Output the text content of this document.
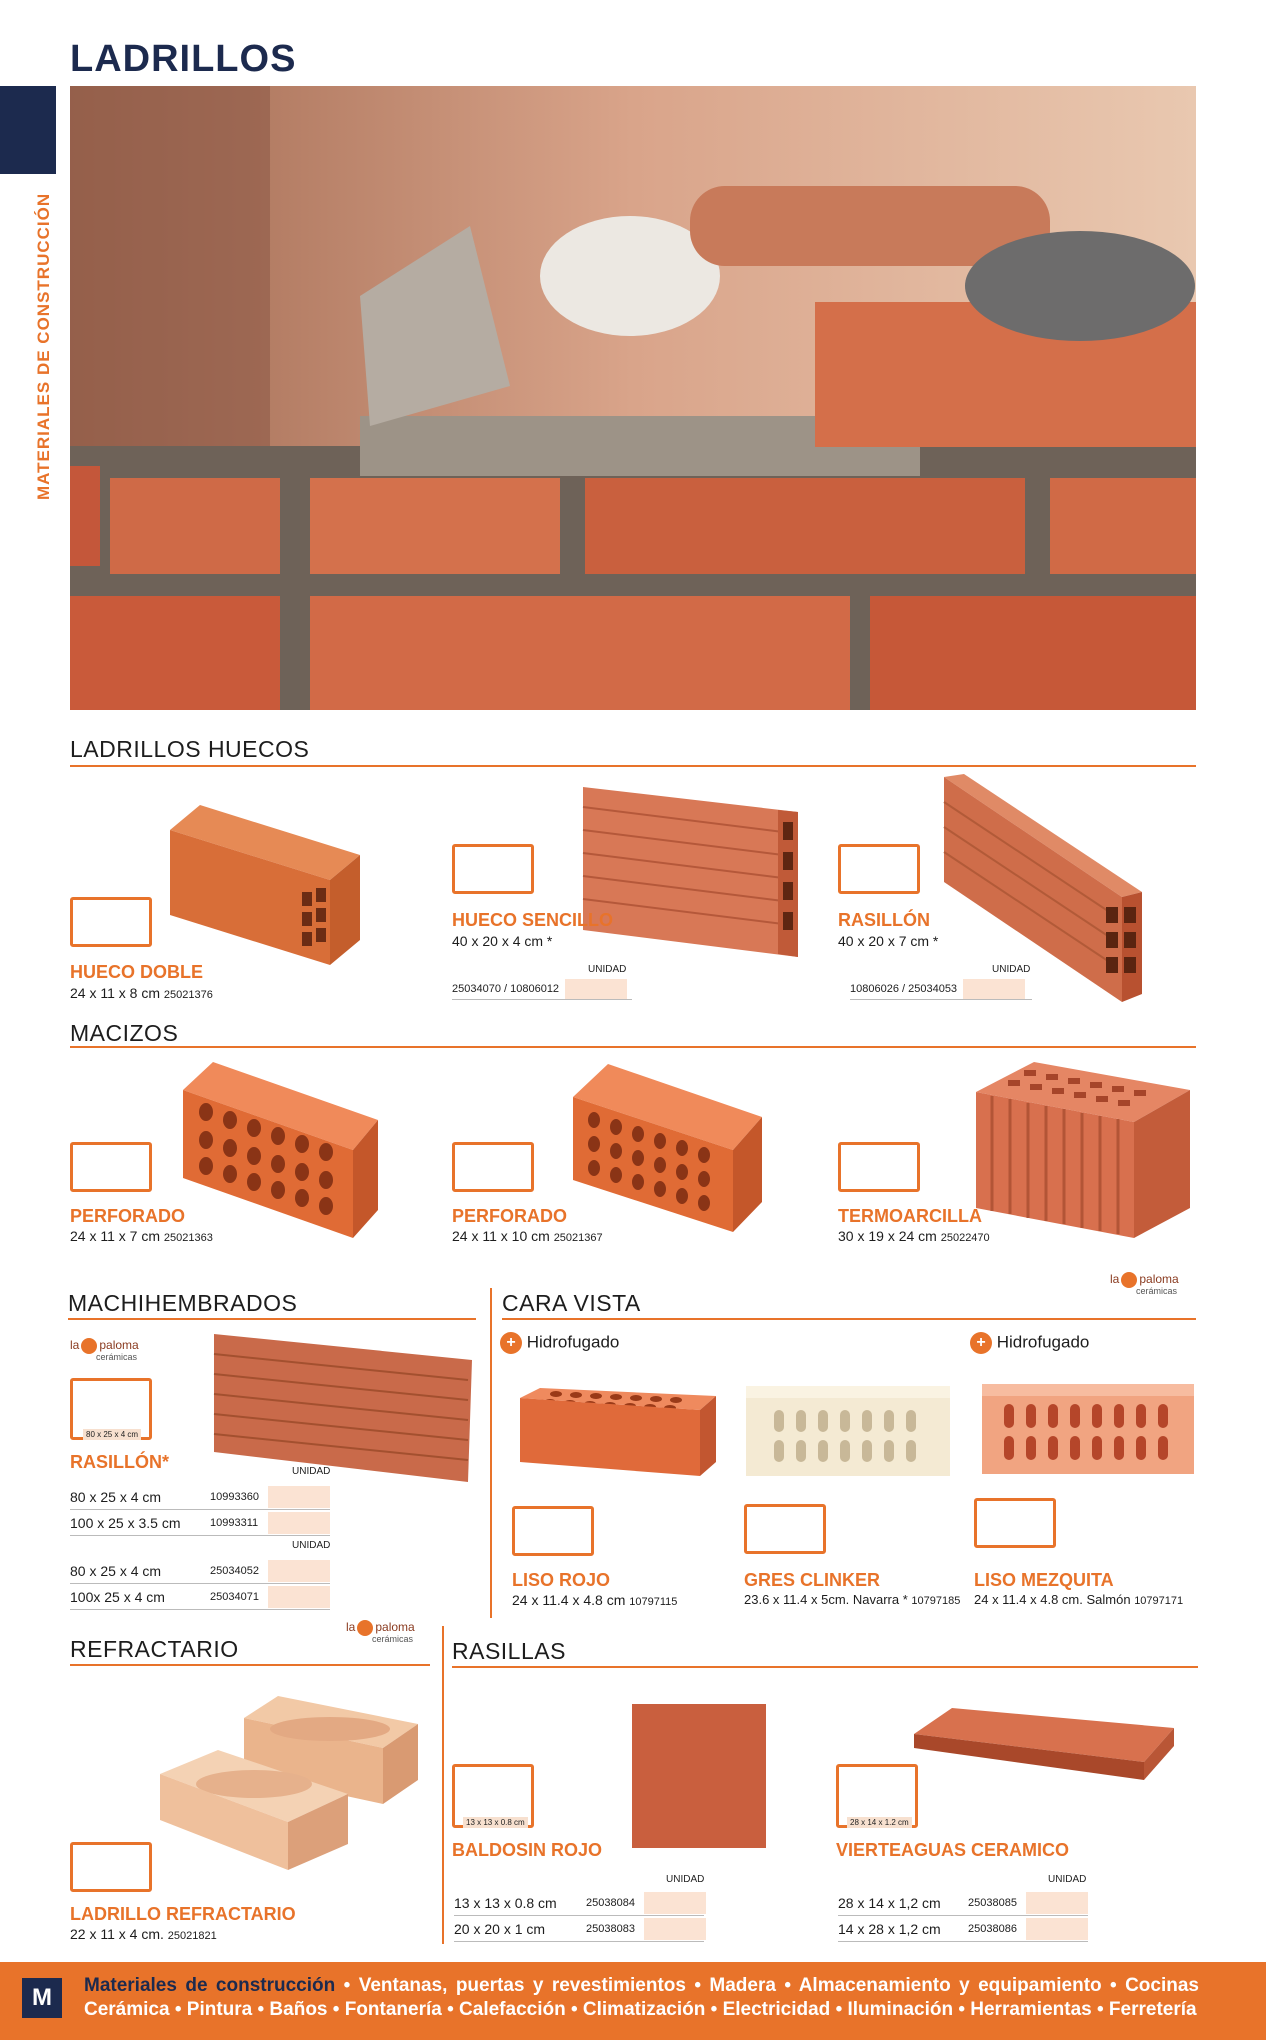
LADRILLOS
MATERIALES DE CONSTRUCCIÓN
LADRILLOS HUECOS
HUECO DOBLE
24 x 11 x 8 cm 25021376
HUECO SENCILLO
40 x 20 x 4 cm *
UNIDAD
25034070 / 10806012
RASILLÓN
40 x 20 x 7 cm *
UNIDAD
10806026 / 25034053
MACIZOS
PERFORADO
24 x 11 x 7 cm 25021363
PERFORADO
24 x 11 x 10 cm 25021367
TERMOARCILLA
30 x 19 x 24 cm 25022470
la paloma
cerámicas
MACHIHEMBRADOS
la paloma
cerámicas
80 x 25 x 4 cm
RASILLÓN*	UNIDAD
80 x 25 x 4 cm	10993360
100 x 25 x 3.5 cm	10993311
UNIDAD
80 x 25 x 4 cm	25034052
100x 25 x 4 cm	25034071
CARA VISTA
+ Hidrofugado	+ Hidrofugado
LISO ROJO
24 x 11.4 x 4.8 cm 10797115
GRES CLINKER
23.6 x 11.4 x 5cm. Navarra * 10797185
LISO MEZQUITA
24 x 11.4 x 4.8 cm. Salmón 10797171
REFRACTARIO
la paloma
cerámicas
LADRILLO REFRACTARIO
22 x 11 x 4 cm. 25021821
RASILLAS
13 x 13 x 0.8 cm
BALDOSIN ROJO
UNIDAD
13 x 13 x 0.8 cm	25038084
20 x 20 x 1 cm	25038083
28 x 14 x 1.2 cm
VIERTEAGUAS CERAMICO
UNIDAD
28 x 14 x 1,2 cm 25038085
14 x 28 x 1,2 cm 25038086
M	Materiales de construcción • Ventanas, puertas y revestimientos • Madera • Almacenamiento y equipamiento • Cocinas Cerámica • Pintura • Baños • Fontanería • Calefacción • Climatización • Electricidad • Iluminación • Herramientas • Ferretería
